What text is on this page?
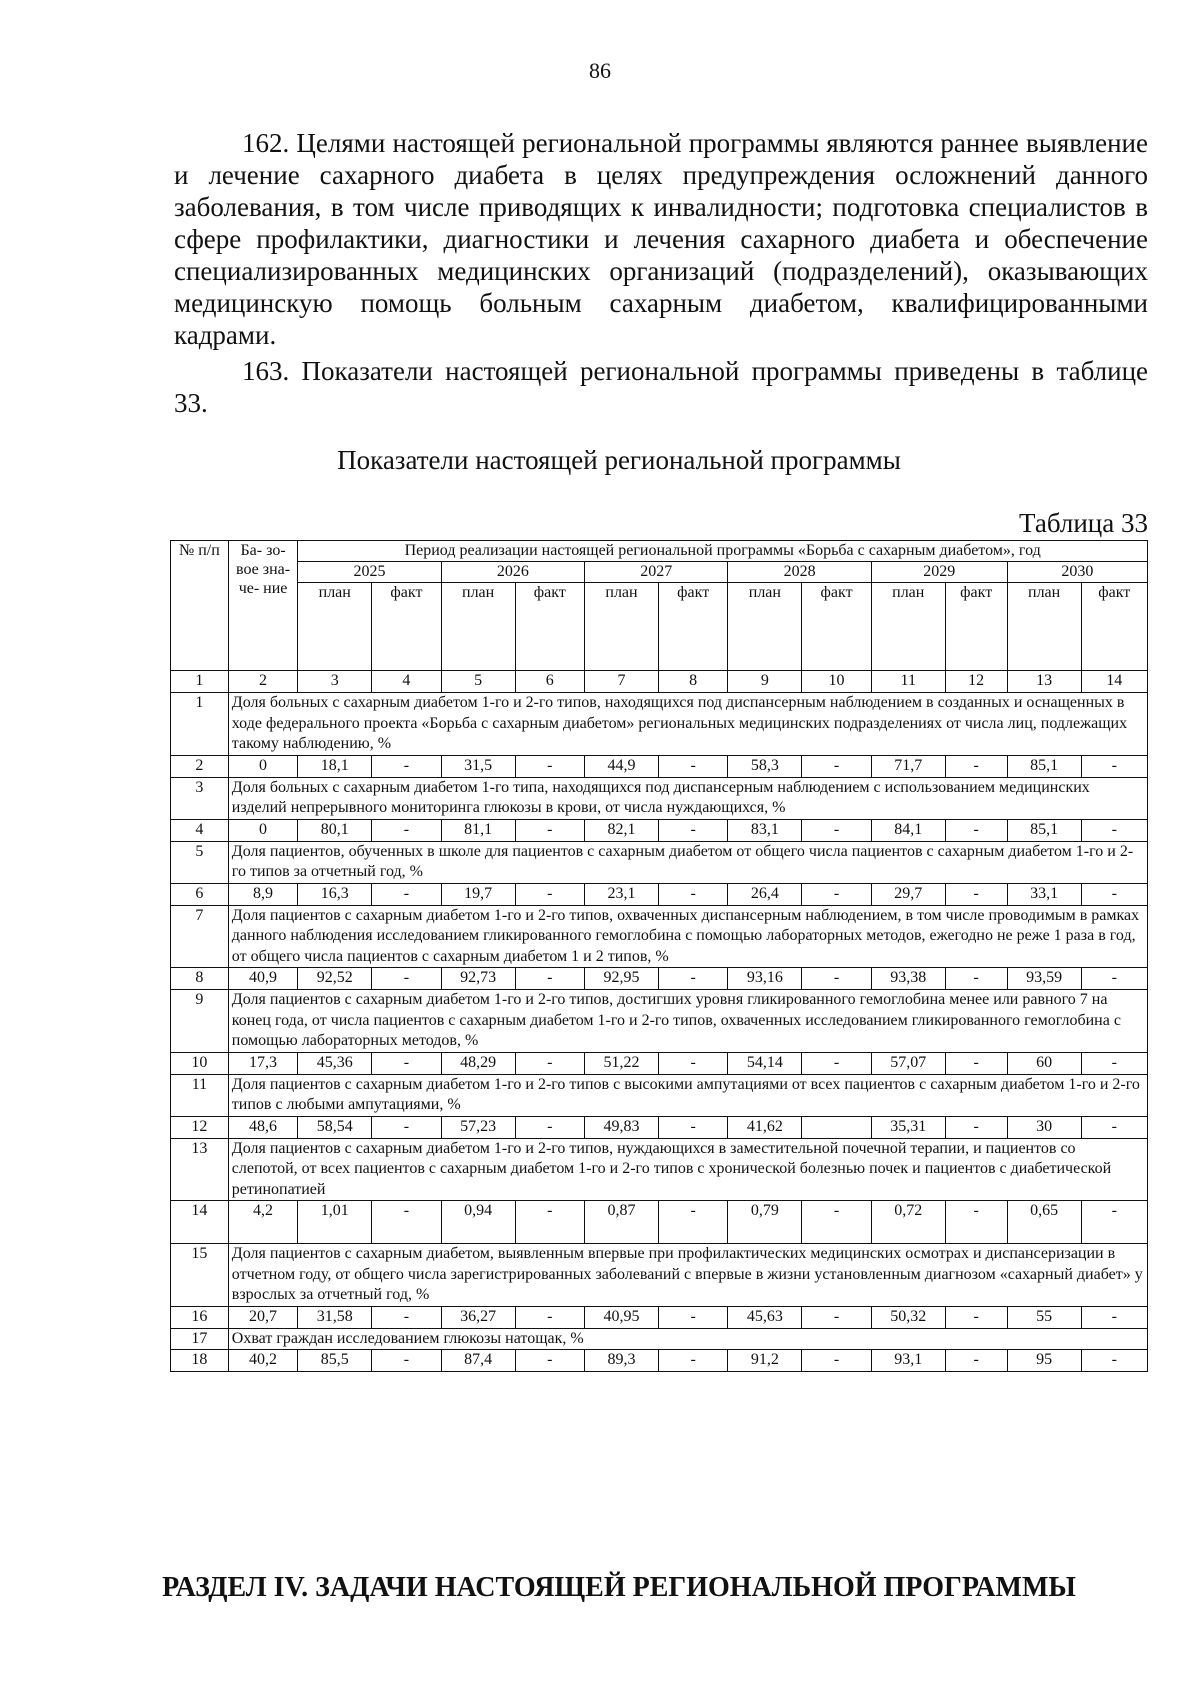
86

162. Целями настоящей региональной программы являются раннее выявление и лечение сахарного диабета в целях предупреждения осложнений данного заболевания, в том числе приводящих к инвалидности; подготовка специалистов в сфере профилактики, диагностики и лечения сахарного диабета и обеспечение специализированных медицинских организаций (подразделений), оказывающих медицинскую помощь больным сахарным диабетом, квалифицированными кадрами.

163. Показатели настоящей региональной программы приведены в таблице 33.

Показатели настоящей региональной программы
Таблица 33
№ п/п	Ба- зо- вое зна- че- ние	Период реализации настоящей региональной программы «Борьба с сахарным диабетом», год											
		2025		2026		2027		2028		2029		2030	
		план	факт	план	факт	план	факт	план	факт	план	факт	план	факт
1	2	3	4	5	6	7	8	9	10	11	12	13	14
1	Доля больных с сахарным диабетом 1-го и 2-го типов, находящихся под диспансерным наблюдением в созданных и оснащенных в ходе федерального проекта «Борьба с сахарным диабетом» региональных медицинских подразделениях от числа лиц, подлежащих такому наблюдению, %												
2	0	18,1	-	31,5	-	44,9	-	58,3	-	71,7	-	85,1	-
3	Доля больных с сахарным диабетом 1-го типа, находящихся под диспансерным наблюдением с использованием медицинских изделий непрерывного мониторинга глюкозы в крови, от числа нуждающихся, %												
4	0	80,1	-	81,1	-	82,1	-	83,1	-	84,1	-	85,1	-
5	Доля пациентов, обученных в школе для пациентов с сахарным диабетом от общего числа пациентов с сахарным диабетом 1-го и 2-го типов за отчетный год, %												
6	8,9	16,3	-	19,7	-	23,1	-	26,4	-	29,7	-	33,1	-
7	Доля пациентов с сахарным диабетом 1-го и 2-го типов, охваченных диспансерным наблюдением, в том числе проводимым в рамках данного наблюдения исследованием гликированного гемоглобина с помощью лабораторных методов, ежегодно не реже 1 раза в год, от общего числа пациентов с сахарным диабетом 1 и 2 типов, %												
8	40,9	92,52	-	92,73	-	92,95	-	93,16	-	93,38	-	93,59	-
9	Доля пациентов с сахарным диабетом 1-го и 2-го типов, достигших уровня гликированного гемоглобина менее или равного 7 на конец года, от числа пациентов с сахарным диабетом 1-го и 2-го типов, охваченных исследованием гликированного гемоглобина с помощью лабораторных методов, %												
10	17,3	45,36	-	48,29	-	51,22	-	54,14	-	57,07	-	60	-
11	Доля пациентов с сахарным диабетом 1-го и 2-го типов с высокими ампутациями от всех пациентов с сахарным диабетом 1-го и 2-го типов с любыми ампутациями, %												
12	48,6	58,54	-	57,23	-	49,83	-	41,62		35,31	-	30	-
13	Доля пациентов с сахарным диабетом 1-го и 2-го типов, нуждающихся в заместительной почечной терапии, и пациентов со слепотой, от всех пациентов с сахарным диабетом 1-го и 2-го типов с хронической болезнью почек и пациентов с диабетической ретинопатией												
14	4,2	1,01	-	0,94	-	0,87	-	0,79	-	0,72	-	0,65	-
15	Доля пациентов с сахарным диабетом, выявленным впервые при профилактических медицинских осмотрах и диспансеризации в отчетном году, от общего числа зарегистрированных заболеваний с впервые в жизни установленным диагнозом «сахарный диабет» у взрослых за отчетный год, %												
16	20,7	31,58	-	36,27	-	40,95	-	45,63	-	50,32	-	55	-
17	Охват граждан исследованием глюкозы натощак, %												
18	40,2	85,5	-	87,4	-	89,3	-	91,2	-	93,1	-	95	-
РАЗДЕЛ IV. ЗАДАЧИ НАСТОЯЩЕЙ РЕГИОНАЛЬНОЙ ПРОГРАММЫ
